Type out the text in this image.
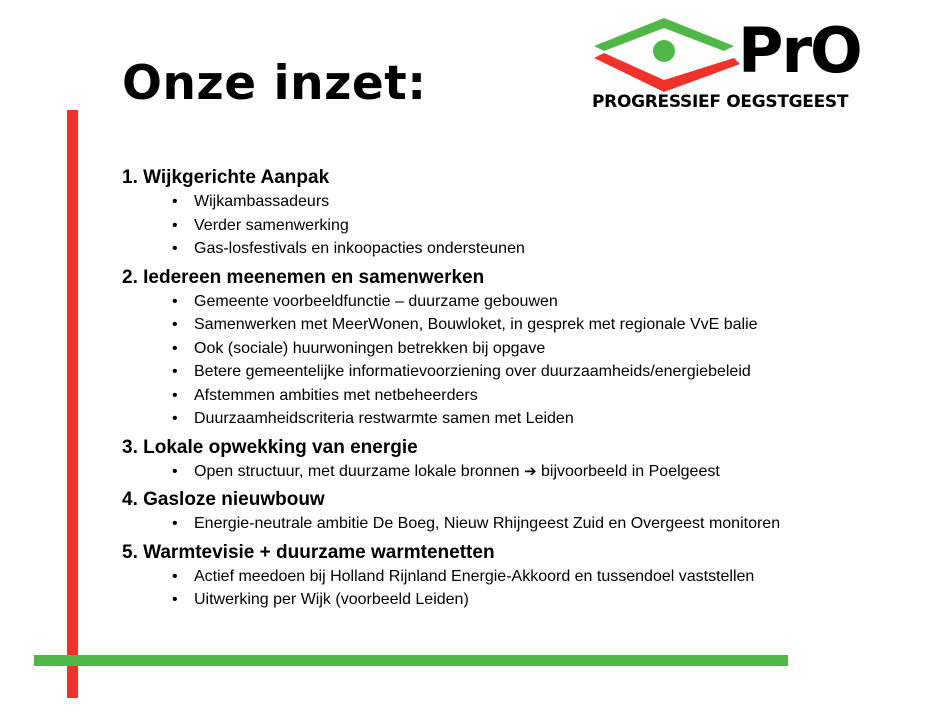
Onze inzet:	PrO
PROGRESSIEF OEGSTGEEST

1. Wijkgerichte Aanpak

• Wijkambassadeurs
• Verder samenwerking
• Gas-losfestivals en inkoopacties ondersteunen

2. Iedereen meenemen en samenwerken

• Gemeente voorbeeldfunctie – duurzame gebouwen
• Samenwerken met MeerWonen, Bouwloket, in gesprek met regionale VvE balie
• Ook (sociale) huurwoningen betrekken bij opgave
• Betere gemeentelijke informatievoorziening over duurzaamheids/energiebeleid
• Afstemmen ambities met netbeheerders
• Duurzaamheidscriteria restwarmte samen met Leiden

3. Lokale opwekking van energie

• Open structuur, met duurzame lokale bronnen ➔ bijvoorbeeld in Poelgeest

4. Gasloze nieuwbouw

• Energie-neutrale ambitie De Boeg, Nieuw Rhijngeest Zuid en Overgeest monitoren

5. Warmtevisie + duurzame warmtenetten

• Actief meedoen bij Holland Rijnland Energie-Akkoord en tussendoel vaststellen
• Uitwerking per Wijk (voorbeeld Leiden)
